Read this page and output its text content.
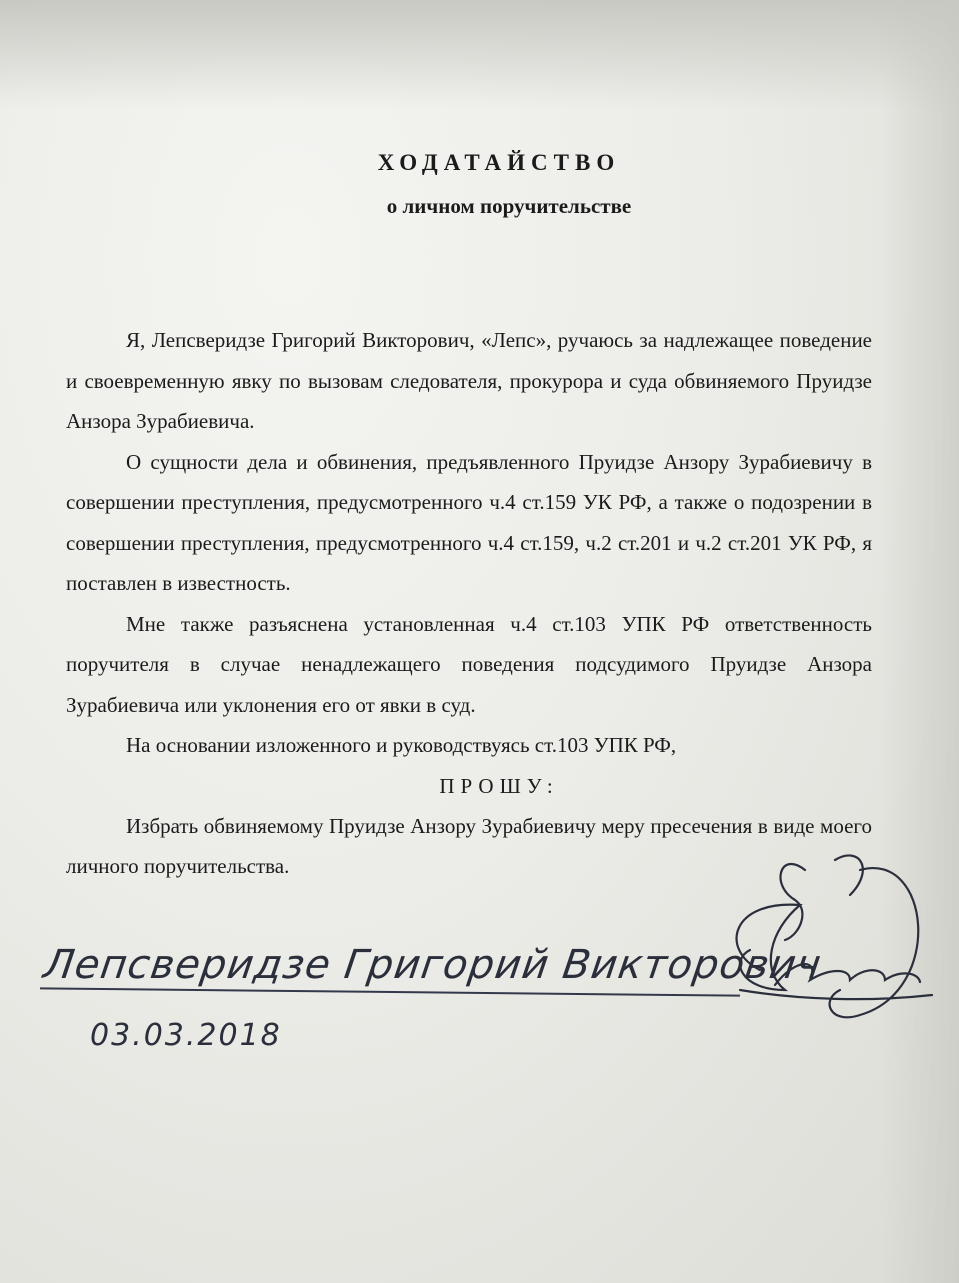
ХОДАТАЙСТВО
о личном поручительстве

Я, Лепсверидзе Григорий Викторович, «Лепс», ручаюсь за надлежащее поведение и своевременную явку по вызовам следователя, прокурора и суда обвиняемого Пруидзе Анзора Зурабиевича.

О сущности дела и обвинения, предъявленного Пруидзе Анзору Зурабиевичу в совершении преступления, предусмотренного ч.4 ст.159 УК РФ, а также о подозрении в совершении преступления, предусмотренного ч.4 ст.159, ч.2 ст.201 и ч.2 ст.201 УК РФ, я поставлен в известность.

Мне также разъяснена установленная ч.4 ст.103 УПК РФ ответственность поручителя в случае ненадлежащего поведения подсудимого Пруидзе Анзора Зурабиевича или уклонения его от явки в суд.

На основании изложенного и руководствуясь ст.103 УПК РФ,

ПРОШУ:

Избрать обвиняемому Пруидзе Анзору Зурабиевичу меру пресечения в виде моего личного поручительства.

Лепсверидзе Григорий Викторович
03.03.2018
